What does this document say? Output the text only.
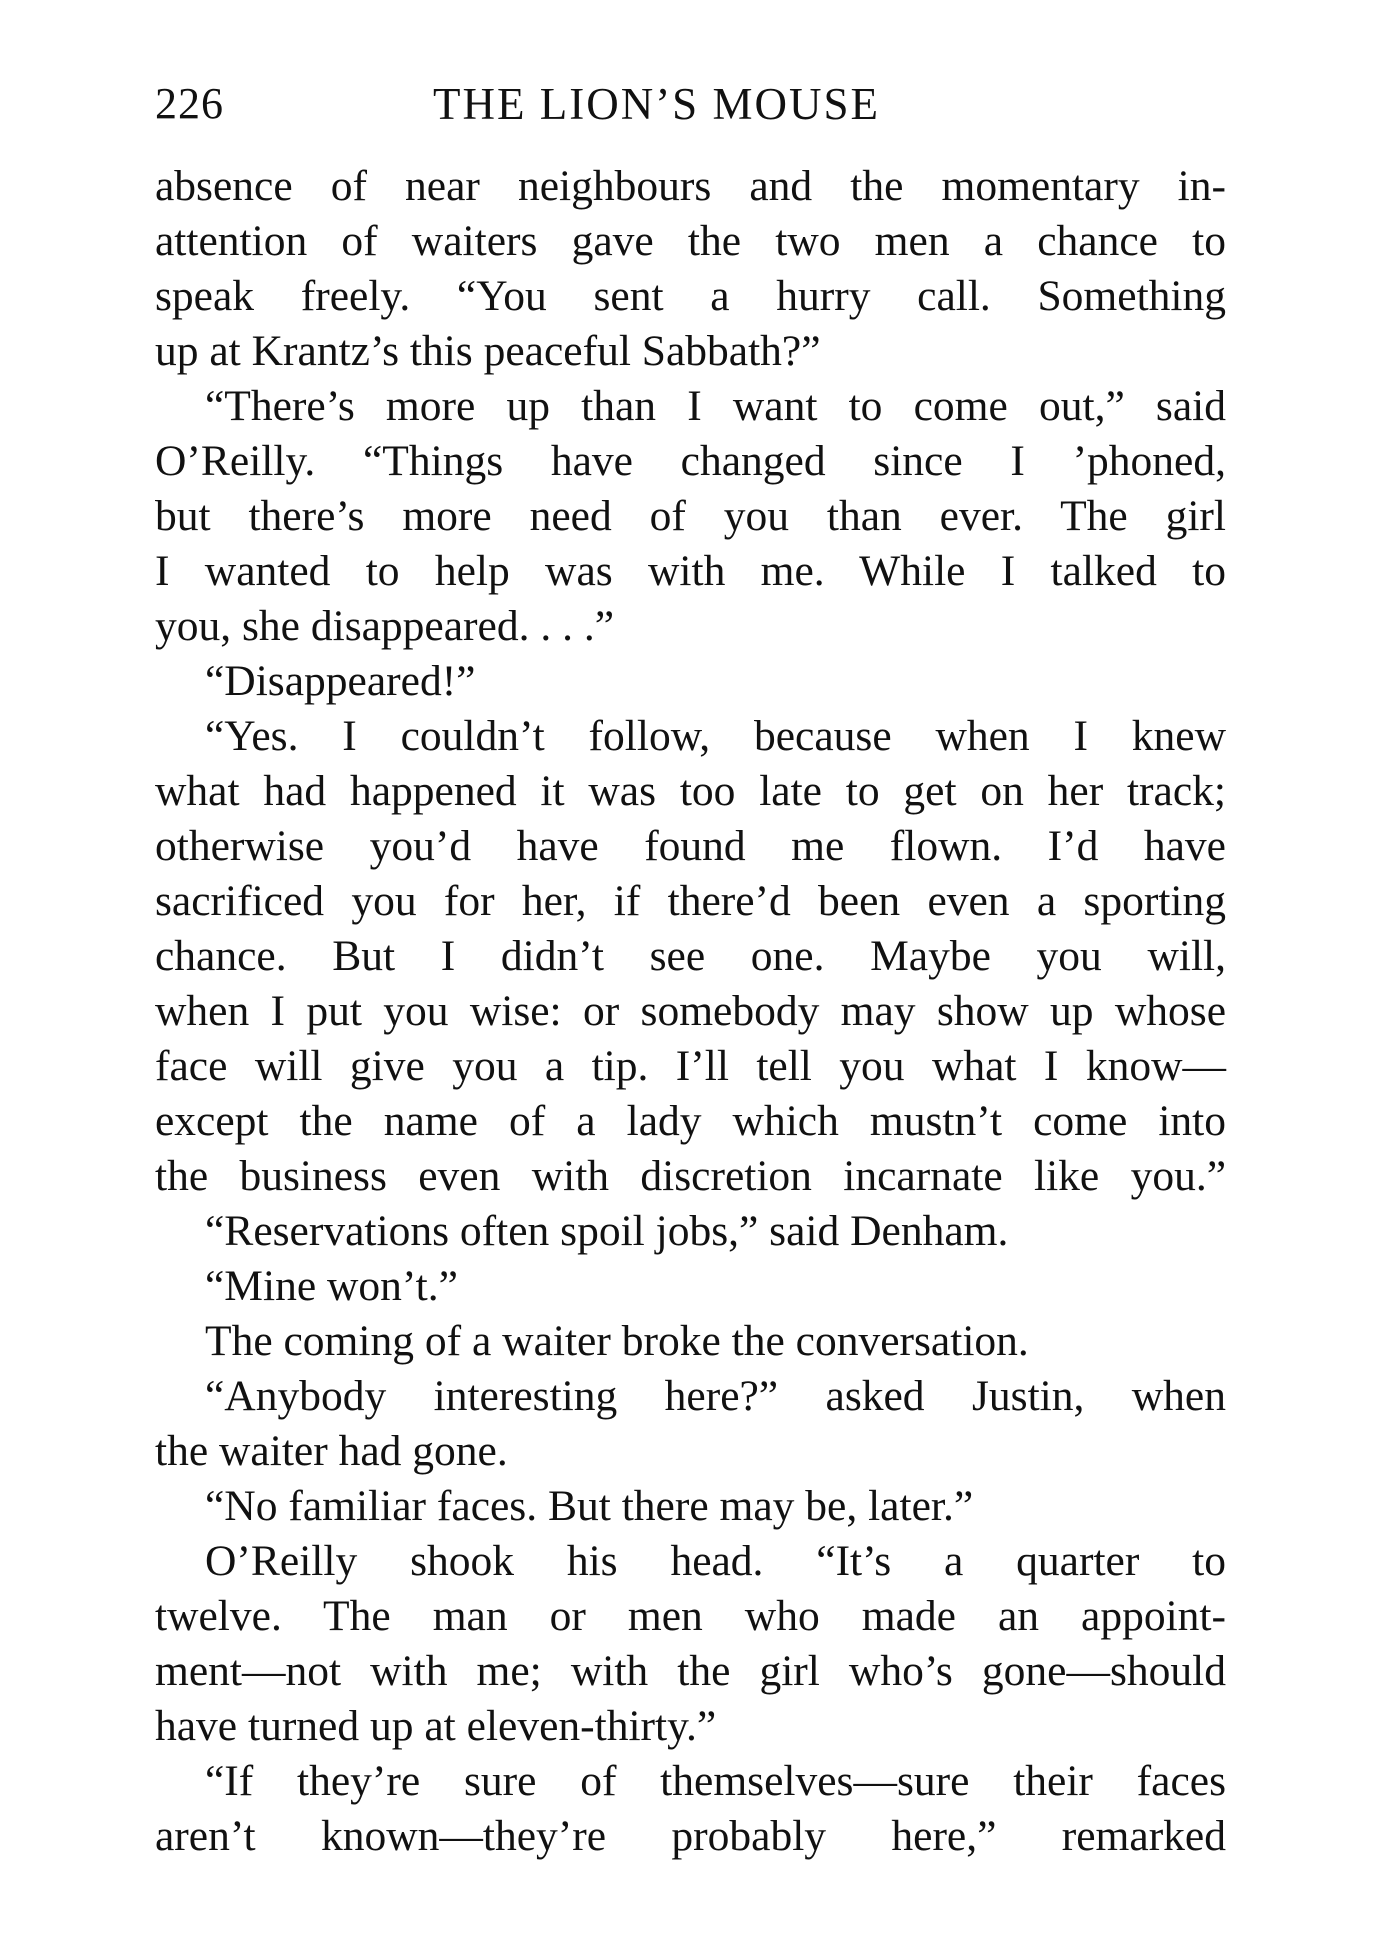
226	THE LION’S MOUSE
absence of near neighbours and the momentary in-
attention of waiters gave the two men a chance to
speak freely. “You sent a hurry call. Something
up at Krantz’s this peaceful Sabbath?”
“There’s more up than I want to come out,” said
O’Reilly. “Things have changed since I ’phoned,
but there’s more need of you than ever. The girl
I wanted to help was with me. While I talked to
you, she disappeared. . . .”
“Disappeared!”
“Yes. I couldn’t follow, because when I knew
what had happened it was too late to get on her track;
otherwise you’d have found me flown. I’d have
sacrificed you for her, if there’d been even a sporting
chance. But I didn’t see one. Maybe you will,
when I put you wise: or somebody may show up whose
face will give you a tip. I’ll tell you what I know—
except the name of a lady which mustn’t come into
the business even with discretion incarnate like you.”
“Reservations often spoil jobs,” said Denham.
“Mine won’t.”
The coming of a waiter broke the conversation.
“Anybody interesting here?” asked Justin, when
the waiter had gone.
“No familiar faces. But there may be, later.”
O’Reilly shook his head. “It’s a quarter to
twelve. The man or men who made an appoint-
ment—not with me; with the girl who’s gone—should
have turned up at eleven-thirty.”
“If they’re sure of themselves—sure their faces
aren’t known—they’re probably here,” remarked
